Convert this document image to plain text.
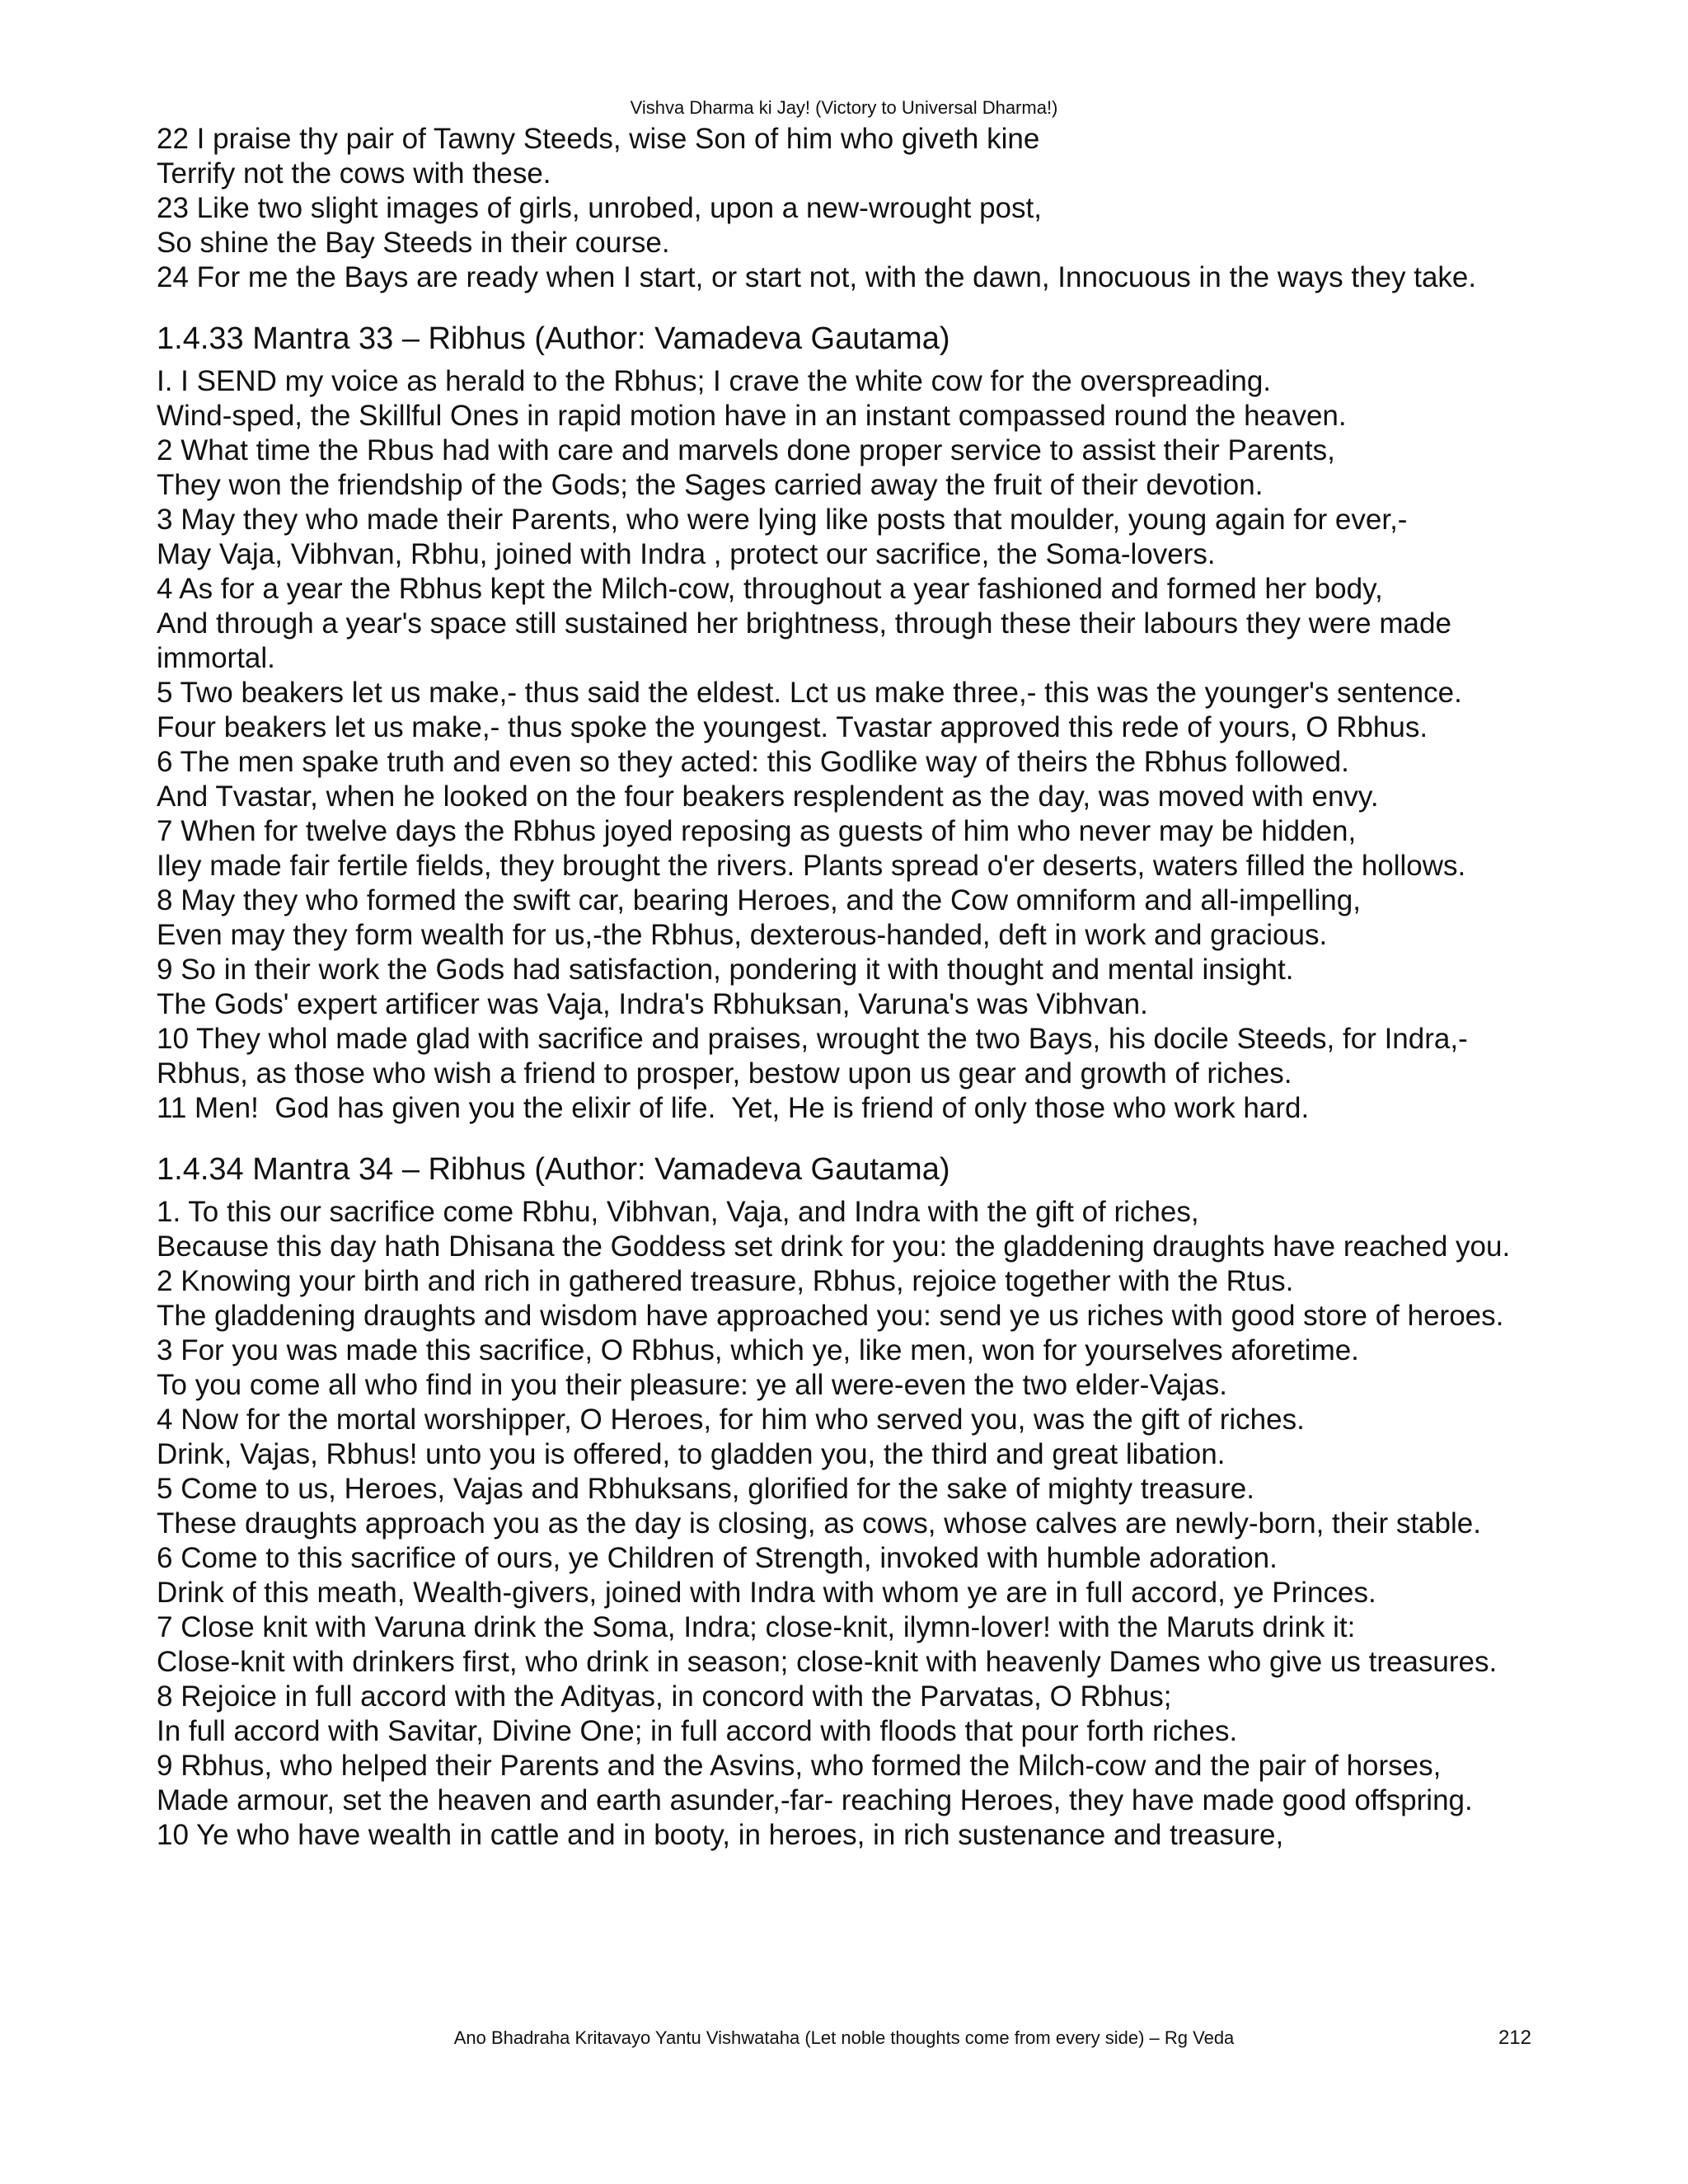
Vishva Dharma ki Jay! (Victory to Universal Dharma!)
22 I praise thy pair of Tawny Steeds, wise Son of him who giveth kine
Terrify not the cows with these.
23 Like two slight images of girls, unrobed, upon a new-wrought post,
So shine the Bay Steeds in their course.
24 For me the Bays are ready when I start, or start not, with the dawn, Innocuous in the ways they take.
1.4.33 Mantra 33 – Ribhus (Author: Vamadeva Gautama)
I. I SEND my voice as herald to the Rbhus; I crave the white cow for the overspreading.
Wind-sped, the Skillful Ones in rapid motion have in an instant compassed round the heaven.
2 What time the Rbus had with care and marvels done proper service to assist their Parents,
They won the friendship of the Gods; the Sages carried away the fruit of their devotion.
3 May they who made their Parents, who were lying like posts that moulder, young again for ever,-
May Vaja, Vibhvan, Rbhu, joined with Indra , protect our sacrifice, the Soma-lovers.
4 As for a year the Rbhus kept the Milch-cow, throughout a year fashioned and formed her body,
And through a year's space still sustained her brightness, through these their labours they were made immortal.
5 Two beakers let us make,- thus said the eldest. Lct us make three,- this was the younger's sentence.
Four beakers let us make,- thus spoke the youngest. Tvastar approved this rede of yours, O Rbhus.
6 The men spake truth and even so they acted: this Godlike way of theirs the Rbhus followed.
And Tvastar, when he looked on the four beakers resplendent as the day, was moved with envy.
7 When for twelve days the Rbhus joyed reposing as guests of him who never may be hidden,
Iley made fair fertile fields, they brought the rivers. Plants spread o'er deserts, waters filled the hollows.
8 May they who formed the swift car, bearing Heroes, and the Cow omniform and all-impelling,
Even may they form wealth for us,-the Rbhus, dexterous-handed, deft in work and gracious.
9 So in their work the Gods had satisfaction, pondering it with thought and mental insight.
The Gods' expert artificer was Vaja, Indra's Rbhuksan, Varuna's was Vibhvan.
10 They whol made glad with sacrifice and praises, wrought the two Bays, his docile Steeds, for Indra,-
Rbhus, as those who wish a friend to prosper, bestow upon us gear and growth of riches.
11 Men!  God has given you the elixir of life.  Yet, He is friend of only those who work hard.
1.4.34 Mantra 34 – Ribhus (Author: Vamadeva Gautama)
1. To this our sacrifice come Rbhu, Vibhvan, Vaja, and Indra with the gift of riches,
Because this day hath Dhisana the Goddess set drink for you: the gladdening draughts have reached you.
2 Knowing your birth and rich in gathered treasure, Rbhus, rejoice together with the Rtus.
The gladdening draughts and wisdom have approached you: send ye us riches with good store of heroes.
3 For you was made this sacrifice, O Rbhus, which ye, like men, won for yourselves aforetime.
To you come all who find in you their pleasure: ye all were-even the two elder-Vajas.
4 Now for the mortal worshipper, O Heroes, for him who served you, was the gift of riches.
Drink, Vajas, Rbhus! unto you is offered, to gladden you, the third and great libation.
5 Come to us, Heroes, Vajas and Rbhuksans, glorified for the sake of mighty treasure.
These draughts approach you as the day is closing, as cows, whose calves are newly-born, their stable.
6 Come to this sacrifice of ours, ye Children of Strength, invoked with humble adoration.
Drink of this meath, Wealth-givers, joined with Indra with whom ye are in full accord, ye Princes.
7 Close knit with Varuna drink the Soma, Indra; close-knit, ilymn-lover! with the Maruts drink it:
Close-knit with drinkers first, who drink in season; close-knit with heavenly Dames who give us treasures.
8 Rejoice in full accord with the Adityas, in concord with the Parvatas, O Rbhus;
In full accord with Savitar, Divine One; in full accord with floods that pour forth riches.
9 Rbhus, who helped their Parents and the Asvins, who formed the Milch-cow and the pair of horses,
Made armour, set the heaven and earth asunder,-far- reaching Heroes, they have made good offspring.
10 Ye who have wealth in cattle and in booty, in heroes, in rich sustenance and treasure,
Ano Bhadraha Kritavayo Yantu Vishwataha (Let noble thoughts come from every side) – Rg Veda	212
